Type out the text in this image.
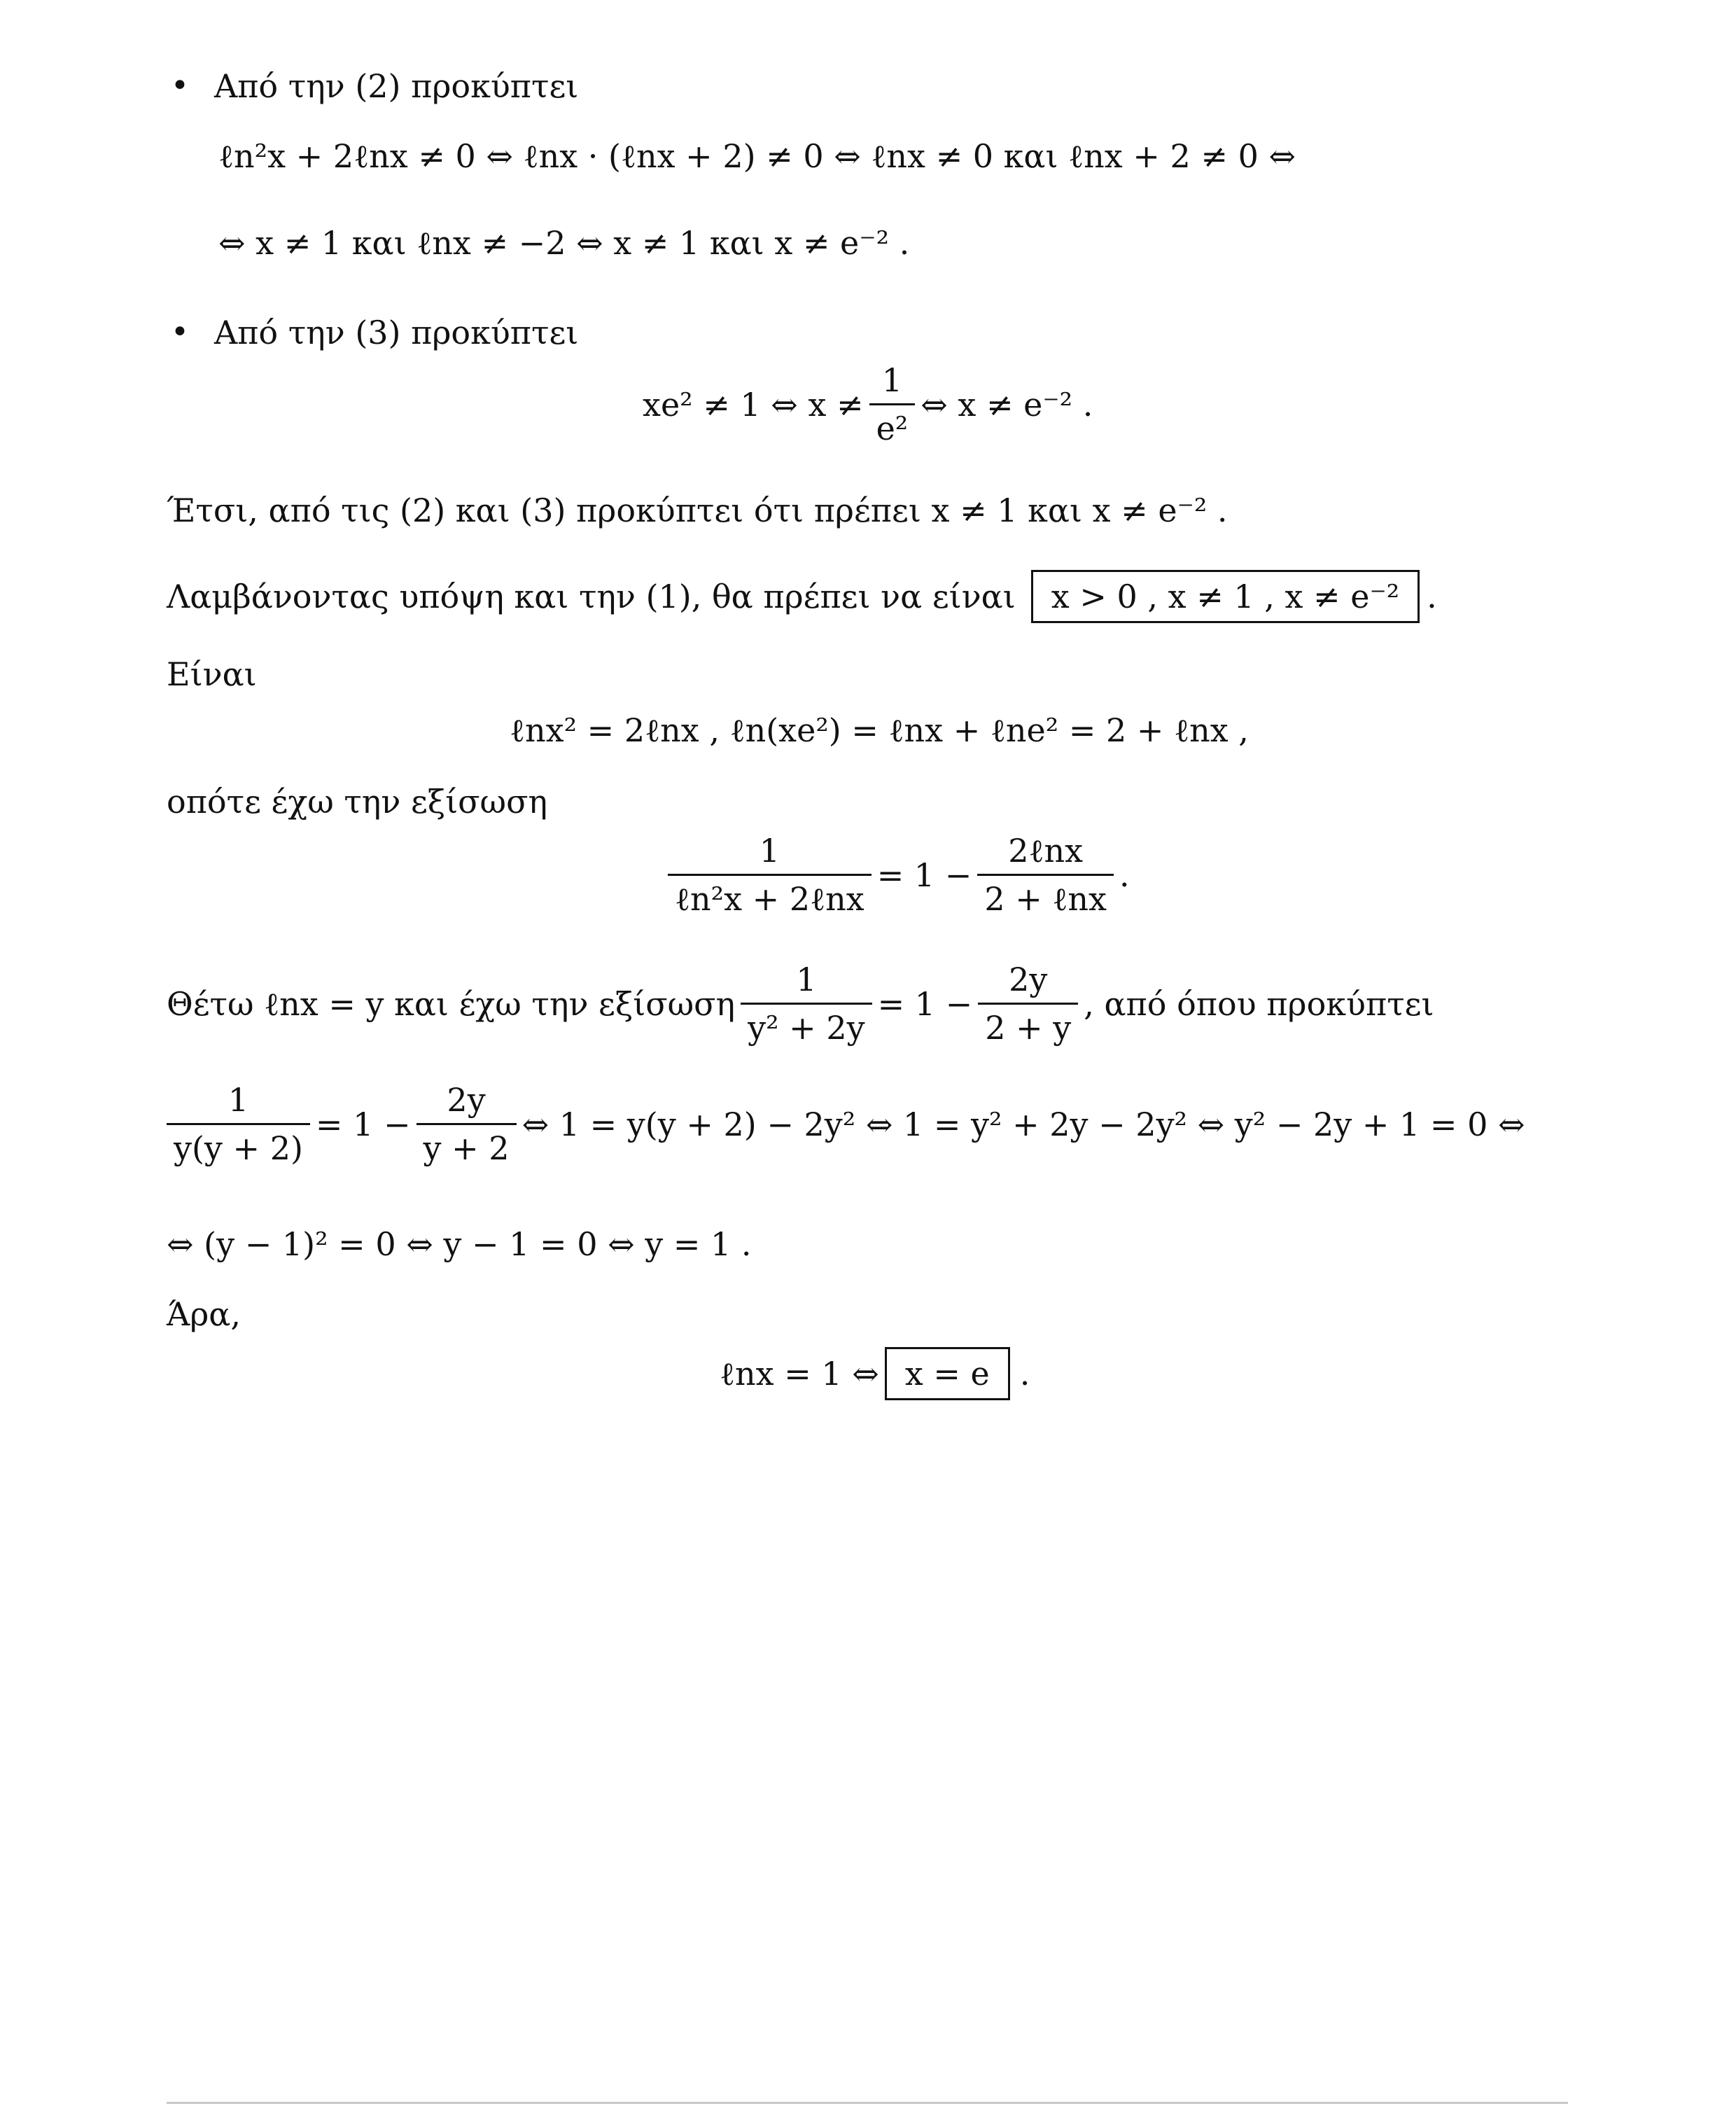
• Από την (2) προκύπτει
ℓn²x + 2ℓnx ≠ 0 ⇔ ℓnx · (ℓnx + 2) ≠ 0 ⇔ ℓnx ≠ 0 και ℓnx + 2 ≠ 0 ⇔
⇔ x ≠ 1 και ℓnx ≠ −2 ⇔ x ≠ 1 και x ≠ e⁻² .
• Από την (3) προκύπτει
xe² ≠ 1 ⇔ $x \ne \frac{1}{\text{e²}}$ ⇔ x ≠ e⁻² .
Έτσι, από τις (2) και (3) προκύπτει ότι πρέπει x ≠ 1 και x ≠ e⁻² .
Λαμβάνοντας υπόψη και την (1), θα πρέπει να είναι	x > 0 , x ≠ 1 , x ≠ e⁻² .
Είναι
ℓnx² = 2ℓnx , ℓn(xe²) = ℓnx + ℓne² = 2 + ℓnx ,
οπότε έχω την εξίσωση
$\frac{1}{\text{ℓn²x + 2ℓnx}} = 1 - \frac{\text{2ℓnx}}{\text{2 + ℓnx}}$ .
Θέτω ℓnx = y και έχω την εξίσωση $\frac{1}{\text{y² + 2y}} = 1 - \frac{2y}{2 + y}$ , από όπου προκύπτει
$\frac{1}{y(y + 2)} = 1 - \frac{2y}{y + 2}$ ⇔ 1 = y(y + 2) − 2y² ⇔ 1 = y² + 2y − 2y² ⇔ y² − 2y + 1 = 0 ⇔
⇔ (y − 1)² = 0 ⇔ y − 1 = 0 ⇔ y = 1 .
Άρα,
ℓnx = 1 ⇔ x = e .
